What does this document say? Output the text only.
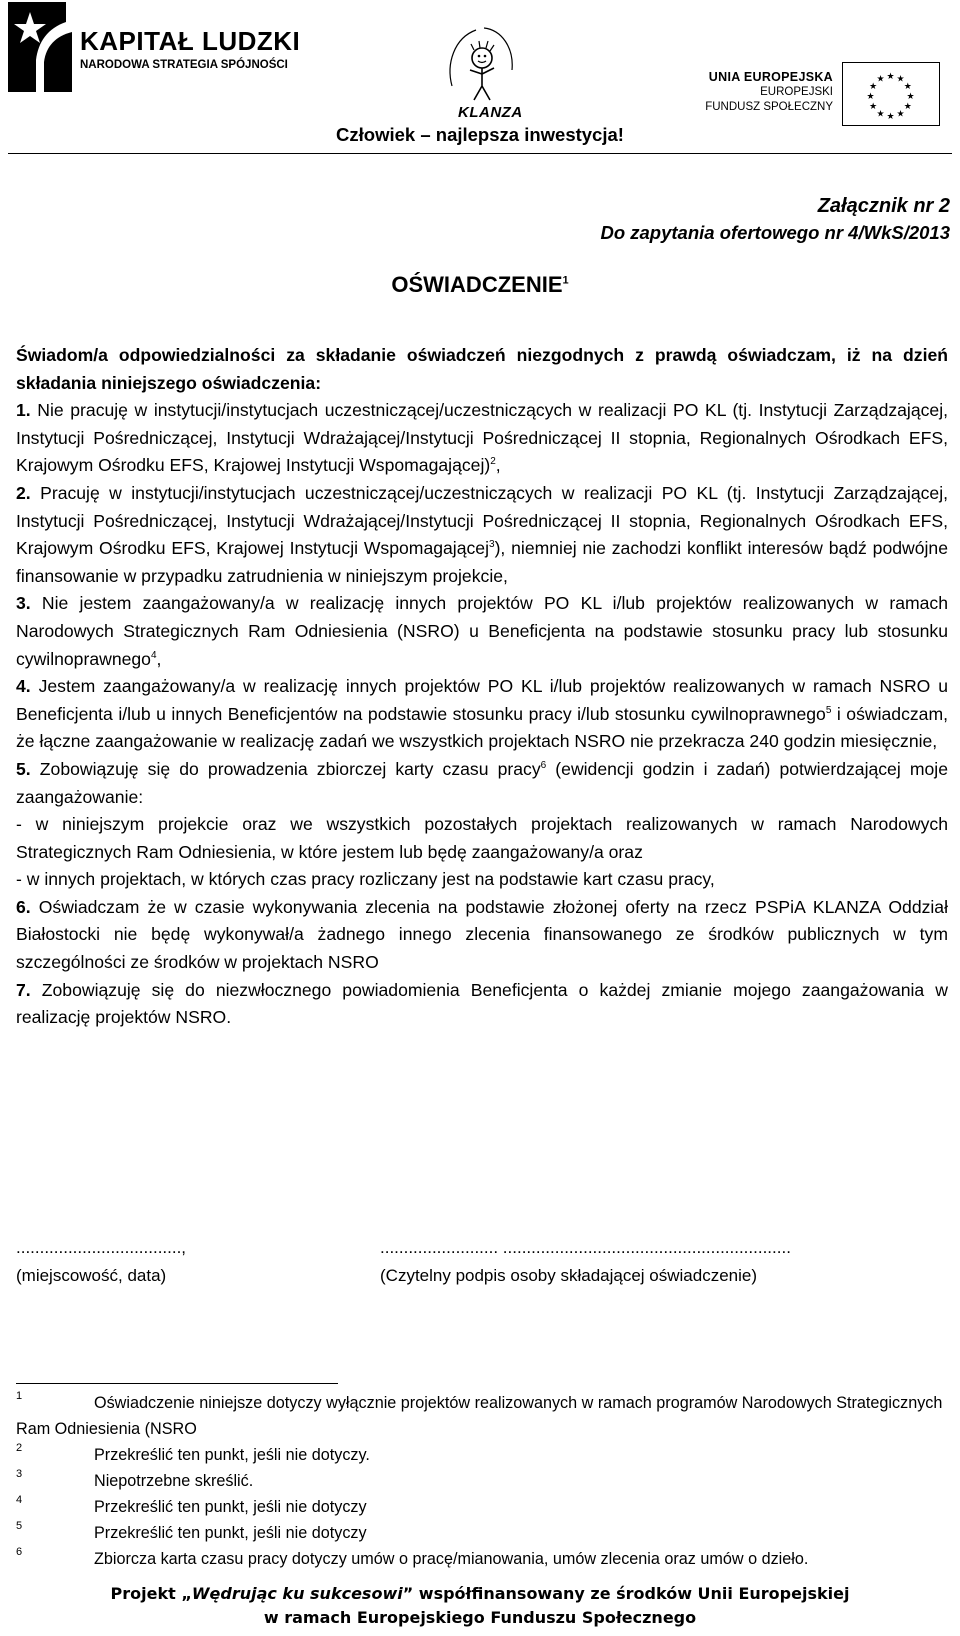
KAPITAŁ LUDZKI
NARODOWA STRATEGIA SPÓJNOŚCI
KLANZA
UNIA EUROPEJSKA
EUROPEJSKI
FUNDUSZ SPOŁECZNY
★ ★
★
★
★
★
★
★
★
★
★
★
Człowiek – najlepsza inwestycja!
Załącznik nr 2
Do zapytania ofertowego nr 4/WkS/2013
OŚWIADCZENIE$^1$

Świadom/a odpowiedzialności za składanie oświadczeń niezgodnych z prawdą oświadczam, iż na dzień składania niniejszego oświadczenia:

1. Nie pracuję w instytucji/instytucjach uczestniczącej/uczestniczących w realizacji PO KL (tj. Instytucji Zarządzającej, Instytucji Pośredniczącej, Instytucji Wdrażającej/Instytucji Pośredniczącej II stopnia, Regionalnych Ośrodkach EFS, Krajowym Ośrodku EFS, Krajowej Instytucji Wspomagającej)$^2$,

2. Pracuję w instytucji/instytucjach uczestniczącej/uczestniczących w realizacji PO KL (tj. Instytucji Zarządzającej, Instytucji Pośredniczącej, Instytucji Wdrażającej/Instytucji Pośredniczącej II stopnia, Regionalnych Ośrodkach EFS, Krajowym Ośrodku EFS, Krajowej Instytucji Wspomagającej$^3$), niemniej nie zachodzi konflikt interesów bądź podwójne finansowanie w przypadku zatrudnienia w niniejszym projekcie,

3. Nie jestem zaangażowany/a w realizację innych projektów PO KL i/lub projektów realizowanych w ramach Narodowych Strategicznych Ram Odniesienia (NSRO) u Beneficjenta na podstawie stosunku pracy lub stosunku cywilnoprawnego$^4$,

4. Jestem zaangażowany/a w realizację innych projektów PO KL i/lub projektów realizowanych w ramach NSRO u Beneficjenta i/lub u innych Beneficjentów na podstawie stosunku pracy i/lub stosunku cywilnoprawnego$^5$ i oświadczam, że łączne zaangażowanie w realizację zadań we wszystkich projektach NSRO nie przekracza 240 godzin miesięcznie,

5. Zobowiązuję się do prowadzenia zbiorczej karty czasu pracy$^6$ (ewidencji godzin i zadań) potwierdzającej moje zaangażowanie:

- w niniejszym projekcie oraz we wszystkich pozostałych projektach realizowanych w ramach Narodowych Strategicznych Ram Odniesienia, w które jestem lub będę zaangażowany/a oraz

- w innych projektach, w których czas pracy rozliczany jest na podstawie kart czasu pracy,

6. Oświadczam że w czasie wykonywania zlecenia na podstawie złożonej oferty na rzecz PSPiA KLANZA Oddział Białostocki nie będę wykonywał/a żadnego innego zlecenia finansowanego ze środków publicznych w tym szczególności ze środków w projektach NSRO

7. Zobowiązuję się do niezwłocznego powiadomienia Beneficjenta o każdej zmianie mojego zaangażowania w realizację projektów NSRO.

...................................,	......................... .............................................................
(miejscowość, data)	(Czytelny podpis osoby składającej oświadczenie)
1	Oświadczenie niniejsze dotyczy wyłącznie projektów realizowanych w ramach programów Narodowych Strategicznych Ram Odniesienia (NSRO
2	Przekreślić ten punkt, jeśli nie dotyczy.
3	Niepotrzebne skreślić.
4	Przekreślić ten punkt, jeśli nie dotyczy
5	Przekreślić ten punkt, jeśli nie dotyczy
6	Zbiorcza karta czasu pracy dotyczy umów o pracę/mianowania, umów zlecenia oraz umów o dzieło.
Projekt „Wędrując ku sukcesowi” współfinansowany ze środków Unii Europejskiej
w ramach Europejskiego Funduszu Społecznego
